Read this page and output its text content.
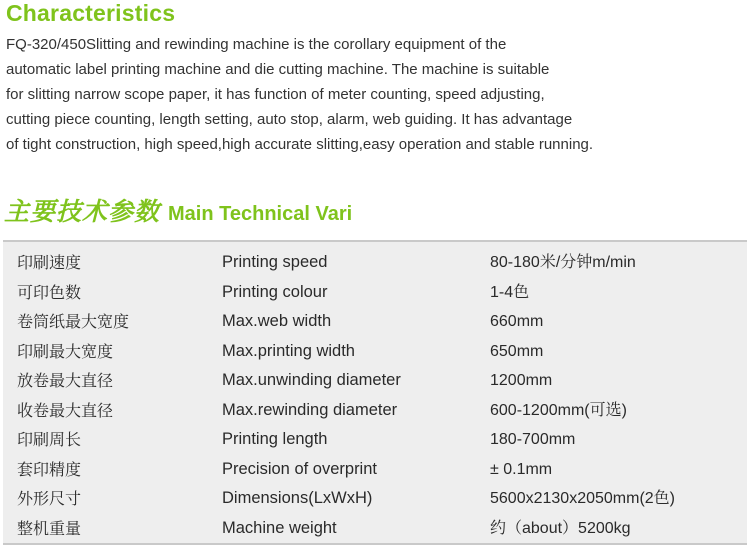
Characteristics
FQ-320/450Slitting and rewinding machine is the corollary equipment of the
automatic label printing machine and die cutting machine. The machine is suitable
for slitting narrow scope paper, it has function of meter counting, speed adjusting,
cutting piece counting, length setting, auto stop, alarm, web guiding. It has advantage
of tight construction, high speed,high accurate slitting,easy operation and stable running.
主要技术参数 Main Technical Vari
印刷速度	Printing speed	80-180米/分钟m/min
可印色数	Printing colour	1-4色
卷筒纸最大宽度	Max.web width	660mm
印刷最大宽度	Max.printing width	650mm
放卷最大直径	Max.unwinding diameter	1200mm
收卷最大直径	Max.rewinding diameter	600-1200mm(可选)
印刷周长	Printing length	180-700mm
套印精度	Precision of overprint	± 0.1mm
外形尺寸	Dimensions(LxWxH)	5600x2130x2050mm(2色)
整机重量	Machine weight	约（about）5200kg
